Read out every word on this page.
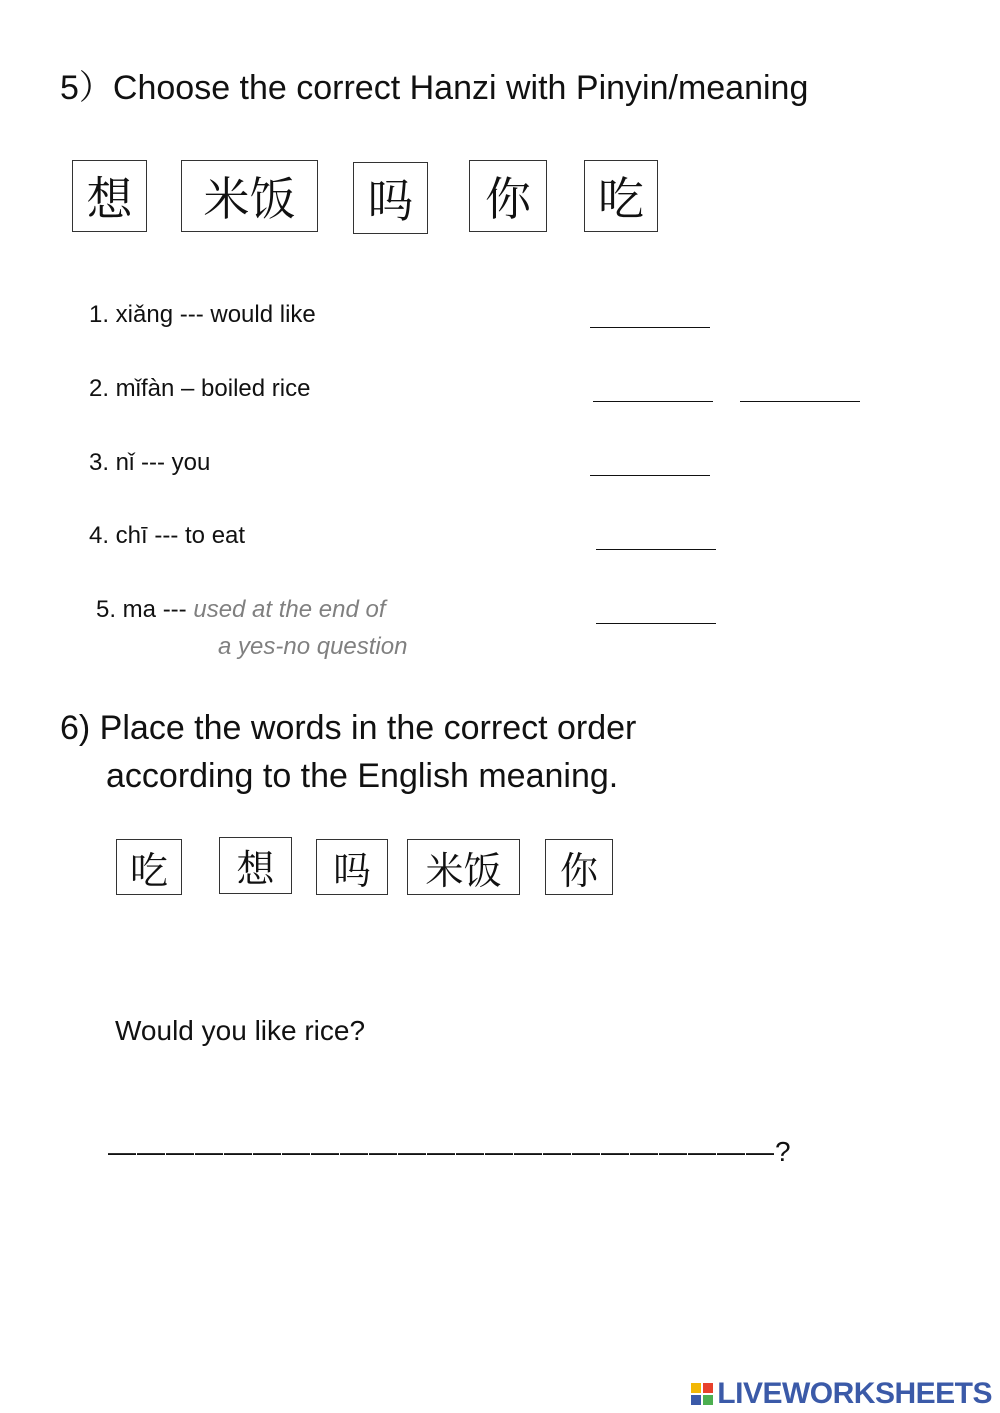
5）Choose the correct Hanzi with Pinyin/meaning
想	米饭	吗	你	吃
1. xiǎng --- would like
2. mǐfàn – boiled rice
3. nǐ --- you
4. chī --- to eat
5. ma --- used at the end of
a yes-no question
6) Place the words in the correct order
according to the English meaning.
吃	想	吗	米饭	你
Would you like rice?
———————————————————————?
LIVEWORKSHEETS
